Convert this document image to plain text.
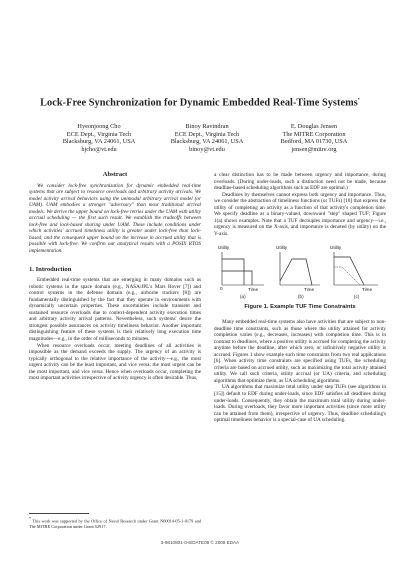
Lock-Free Synchronization for Dynamic Embedded Real-Time Systems*
Hyeonjoong Cho
ECE Dept., Virginia Tech
Blacksburg, VA 24061, USA
hjcho@vt.edu
Binoy Ravindran
ECE Dept., Virginia Tech
Blacksburg, VA 24061, USA
binoy@vt.edu
E. Douglas Jensen
The MITRE Corporation
Bedford, MA 01730, USA
jensen@mitre.org
Abstract

We consider lock-free synchronization for dynamic embedded real-time systems that are subject to resource overloads and arbitrary activity arrivals. We model activity arrival behaviors using the unimodal arbitrary arrival model (or UAM). UAM embodies a stronger "adversary" than most traditional arrival models. We derive the upper bound on lock-free retries under the UAM with utility accrual scheduling — the first such result. We establish the tradeoffs between lock-free and lock-based sharing under UAM. These include conditions under which activities' accrued timeliness utility is greater under lock-free than lock-based, and the consequent upper bound on the increase in accrued utility that is possible with lock-free. We confirm our analytical results with a POSIX RTOS implementation.

1. Introduction

Embedded real-time systems that are emerging in many domains such as robotic systems in the space domain (e.g., NASA/JPL's Mars Rover [7]) and control systems in the defense domain (e.g., airborne trackers [8]) are fundamentally distinguished by the fact that they operate in environments with dynamically uncertain properties. These uncertainties include transient and sustained resource overloads due to context-dependent activity execution times and arbitrary activity arrival patterns. Nevertheless, such systems' desire the strongest possible assurances on activity timeliness behavior. Another important distinguishing feature of these systems is their relatively long execution time magnitudes—e.g., in the order of milliseconds to minutes.

When resource overloads occur, meeting deadlines of all activities is impossible as the demand exceeds the supply. The urgency of an activity is typically orthogonal to the relative importance of the activity—e.g., the most urgent activity can be the least important, and vice versa; the most urgent can be the most important, and vice versa. Hence when overloads occur, completing the most important activities irrespective of activity urgency is often desirable. Thus,

a clear distinction has to be made between urgency and importance, during overloads. (During under-loads, such a distinction need not be made, because deadline-based scheduling algorithms such as EDF are optimal.)

Deadlines by themselves cannot express both urgency and importance. Thus, we consider the abstraction of timeliness functions (or TUFs) [10] that express the utility of completing an activity as a function of that activity's completion time. We specify deadline as a binary-valued, downward "step" shaped TUF; Figure 1(a) shows examples. Note that a TUF decouples importance and urgency—i.e., urgency is measured on the X-axis, and importance is denoted (by utility) on the Y-axis.

Utility
0	Time
(a)
Utility
Time
(b)
Utility
Time
(c)
Figure 1. Example TUF Time Constraints

Many embedded real-time systems also have activities that are subject to non-deadline time constraints, such as those where the utility attained for activity completion varies (e.g., decreases, increases) with completion time. This is in contrast to deadlines, where a positive utility is accrued for completing the activity anytime before the deadline, after which zero, or infinitively negative utility is accrued. Figures 1 show example such time constraints from two real applications [6]. When activity time constraints are specified using TUFs, the scheduling criteria are based on accrued utility, such as maximizing the total activity attained utility. We call such criteria, utility accrual (or UA) criteria, and scheduling algorithms that optimize them, as UA scheduling algorithms.

UA algorithms that maximize total utility under step TUFs (see algorithms in [15]) default to EDF during under-loads, since EDF satisfies all deadlines during under-loads. Consequently, they obtain the maximum total utility during under-loads. During overloads, they favor more important activities (since more utility can be attained from them), irrespective of urgency. Thus, deadline scheduling's optimal timeliness behavior is a special-case of UA scheduling.

* This work was supported by the Office of Naval Research under Grant N00014-05-1-0179 and The MITRE Corporation under Grant 52917.
3-9810801-0-6/DATE08 © 2008 EDAA
